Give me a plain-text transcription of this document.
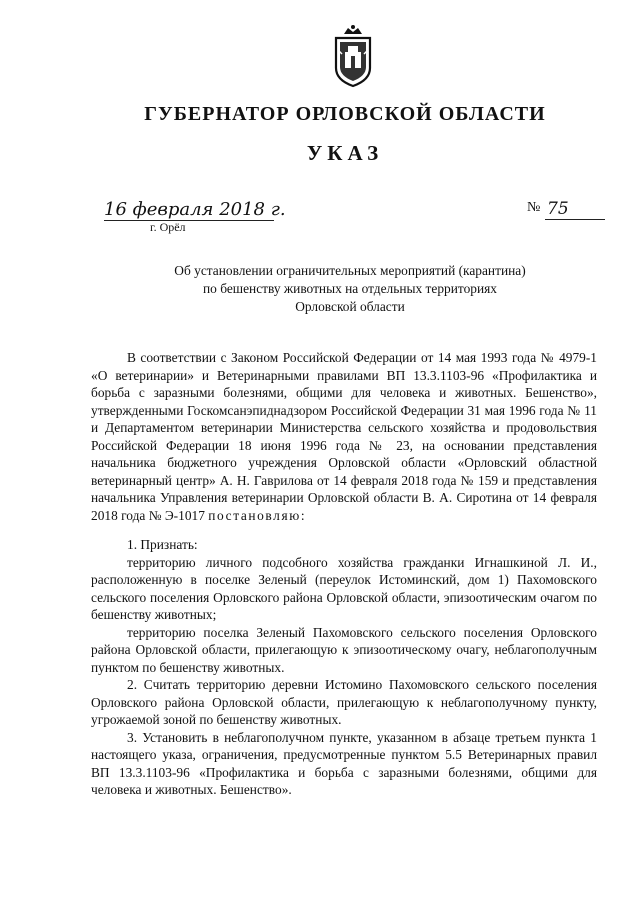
ГУБЕРНАТОР ОРЛОВСКОЙ ОБЛАСТИ
УКАЗ
16 февраля 2018 г.
г. Орёл
№ 75
Об установлении ограничительных мероприятий (карантина)
по бешенству животных на отдельных территориях
Орловской области

В соответствии с Законом Российской Федерации от 14 мая 1993 года № 4979-1 «О ветеринарии» и Ветеринарными правилами ВП 13.3.1103-96 «Профилактика и борьба с заразными болезнями, общими для человека и животных. Бешенство», утвержденными Госкомсанэпиднадзором Российской Федерации 31 мая 1996 года № 11 и Департаментом ветеринарии Министерства сельского хозяйства и продовольствия Российской Федерации 18 июня 1996 года № 23, на основании представления начальника бюджетного учреждения Орловской области «Орловский областной ветеринарный центр» А. Н. Гаврилова от 14 февраля 2018 года № 159 и представления начальника Управления ветеринарии Орловской области В. А. Сиротина от 14 февраля 2018 года № Э-1017 постановляю:

1. Признать:

территорию личного подсобного хозяйства гражданки Игнашкиной Л. И., расположенную в поселке Зеленый (переулок Истоминский, дом 1) Пахомовского сельского поселения Орловского района Орловской области, эпизоотическим очагом по бешенству животных;

территорию поселка Зеленый Пахомовского сельского поселения Орловского района Орловской области, прилегающую к эпизоотическому очагу, неблагополучным пунктом по бешенству животных.

2. Считать территорию деревни Истомино Пахомовского сельского поселения Орловского района Орловской области, прилегающую к неблагополучному пункту, угрожаемой зоной по бешенству животных.

3. Установить в неблагополучном пункте, указанном в абзаце третьем пункта 1 настоящего указа, ограничения, предусмотренные пунктом 5.5 Ветеринарных правил ВП 13.3.1103-96 «Профилактика и борьба с заразными болезнями, общими для человека и животных. Бешенство».
